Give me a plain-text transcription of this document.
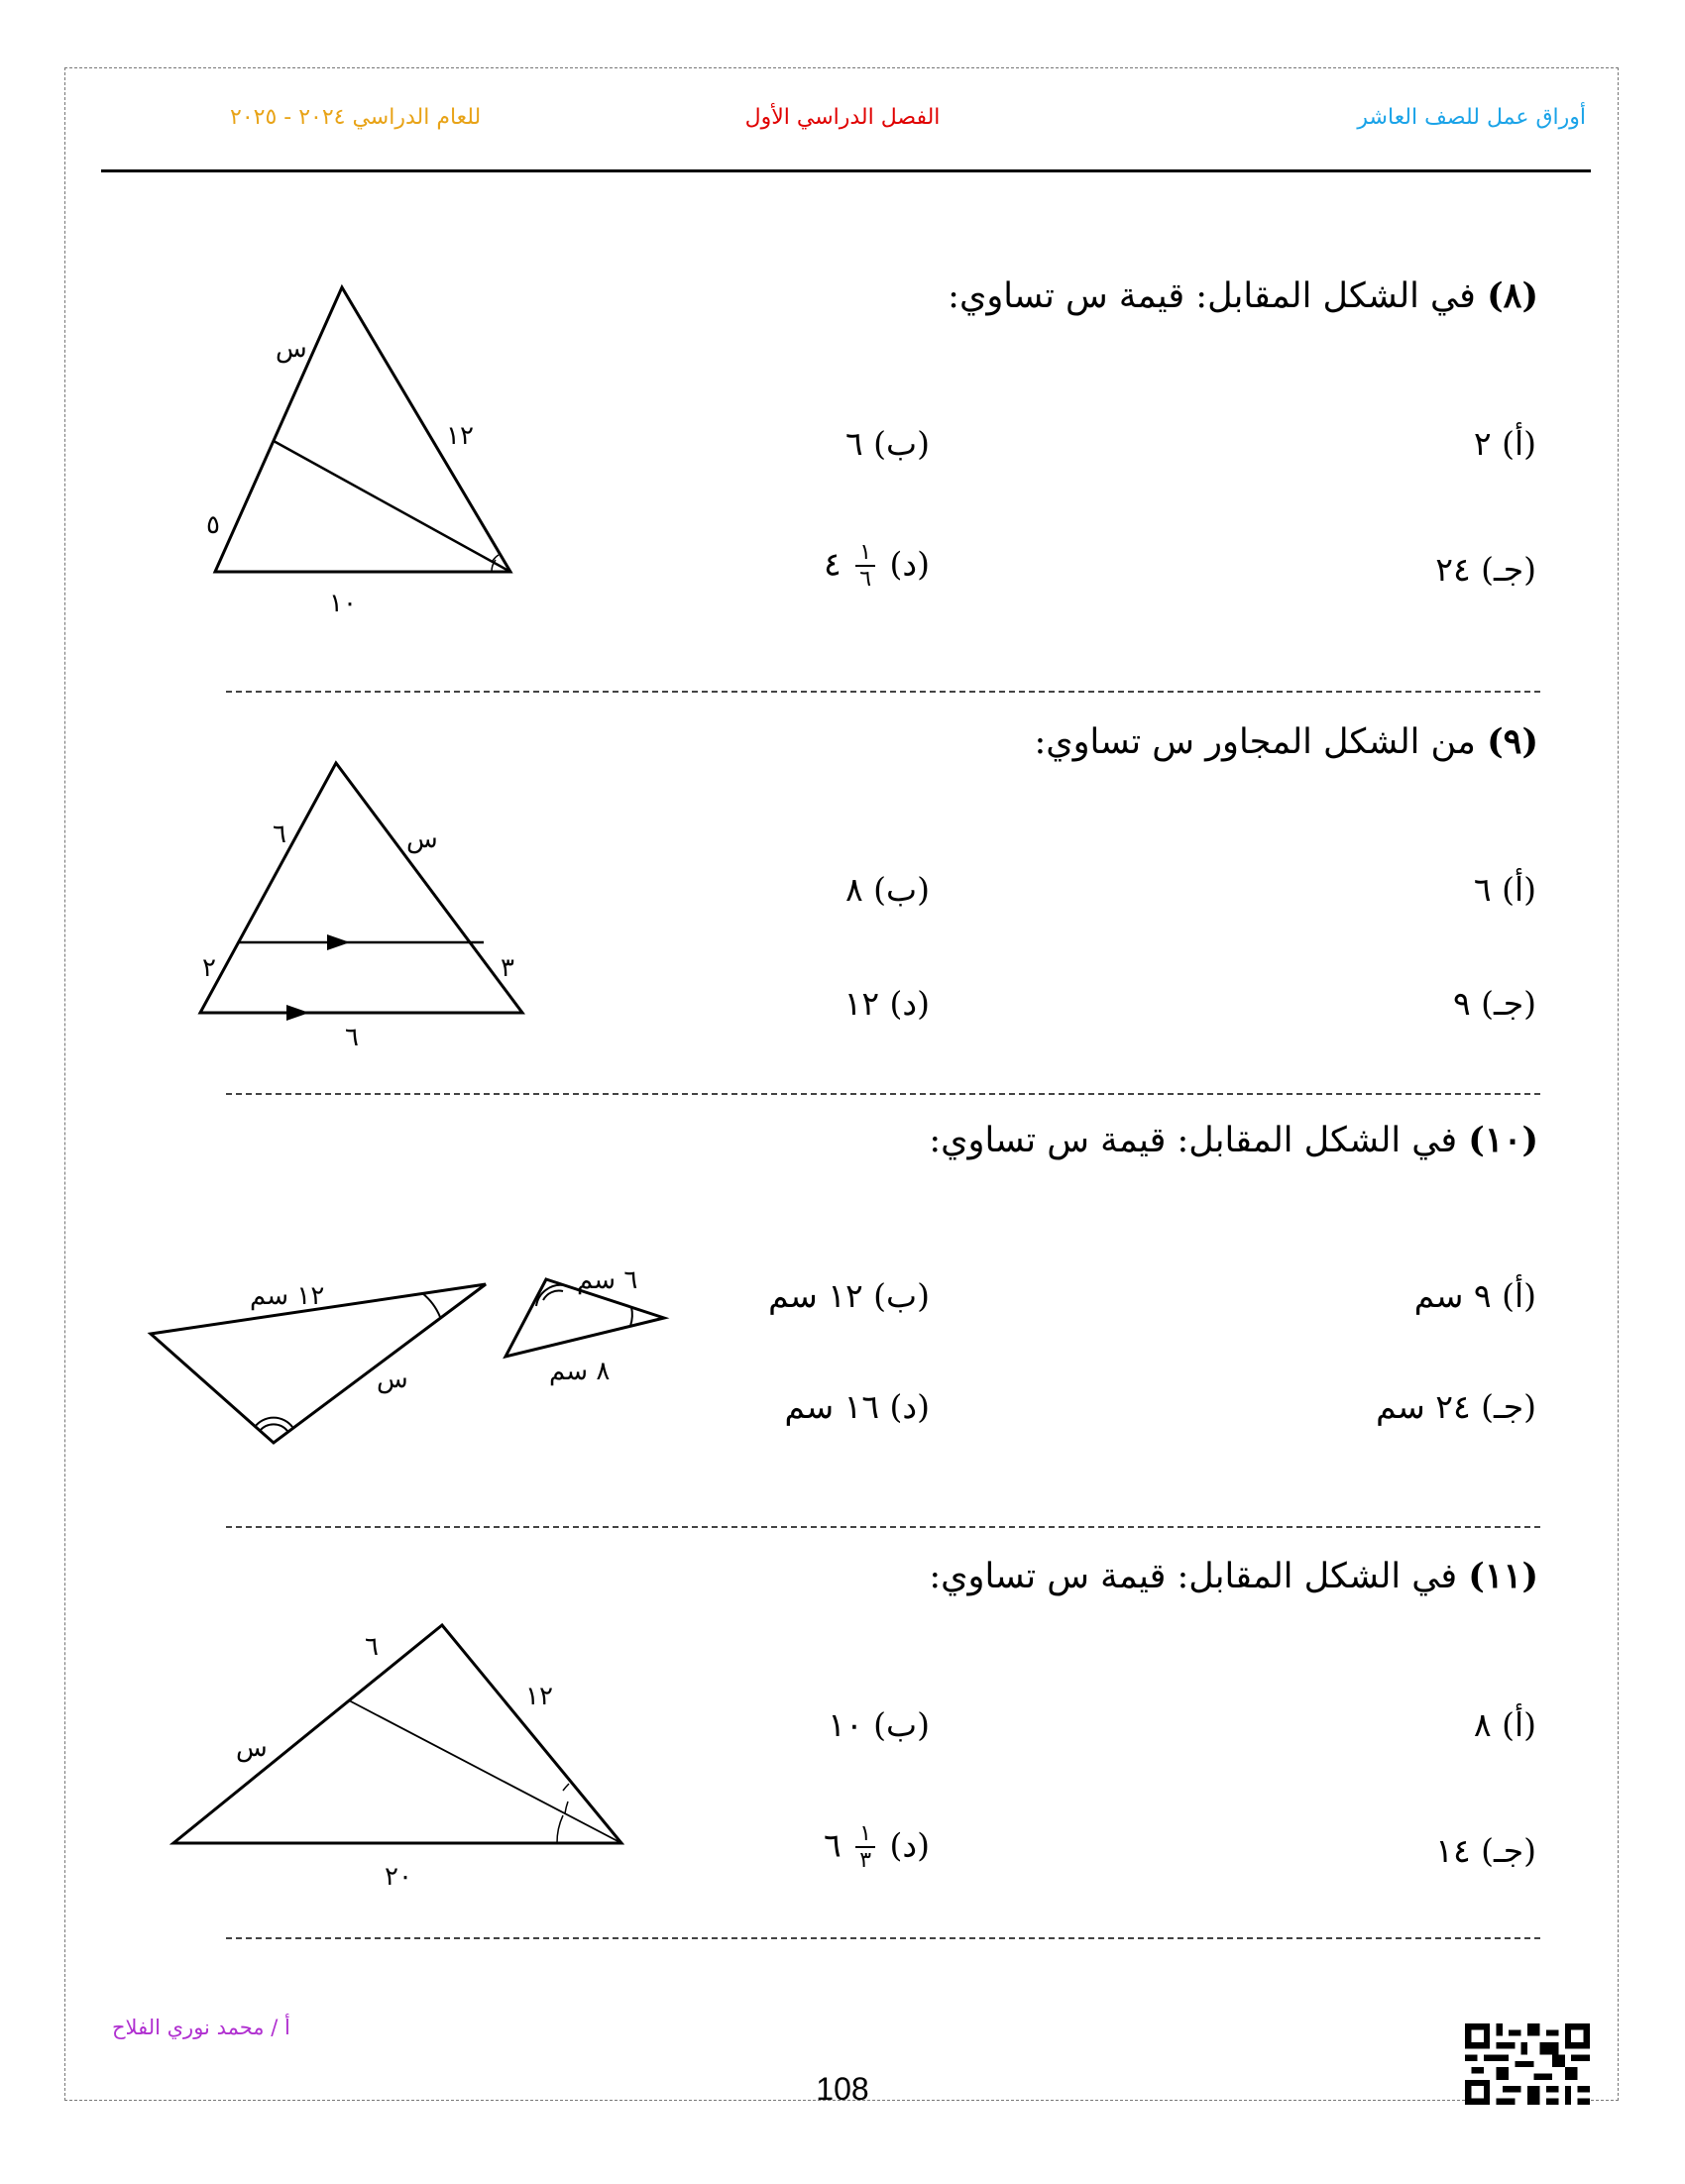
للعام الدراسي ٢٠٢٤ - ٢٠٢٥	الفصل الدراسي الأول	أوراق عمل للصف العاشر
(٨) في الشكل المقابل: قيمة س تساوي:
(أ) ٢
(ب) ٦
(جـ) ٢٤
(د)
$\frac{١}{٦}$
٤
س
١٢
٥
١٠
(٩) من الشكل المجاور س تساوي:
(أ) ٦
(ب) ٨
(جـ) ٩
(د) ١٢
٦	س
٢	٣
٦
(١٠) في الشكل المقابل: قيمة س تساوي:
(أ) ٩ سم
(ب) ١٢ سم
(جـ) ٢٤ سم
(د) ١٦ سم
١٢ سم
س
٦ سم
٨ سم
(١١) في الشكل المقابل: قيمة س تساوي:
(أ) ٨
(ب) ١٠
(جـ) ١٤
(د)
$\frac{١}{٣}$
٦
٦
١٢
س
٢٠
أ / محمد نوري الفلاح
108
